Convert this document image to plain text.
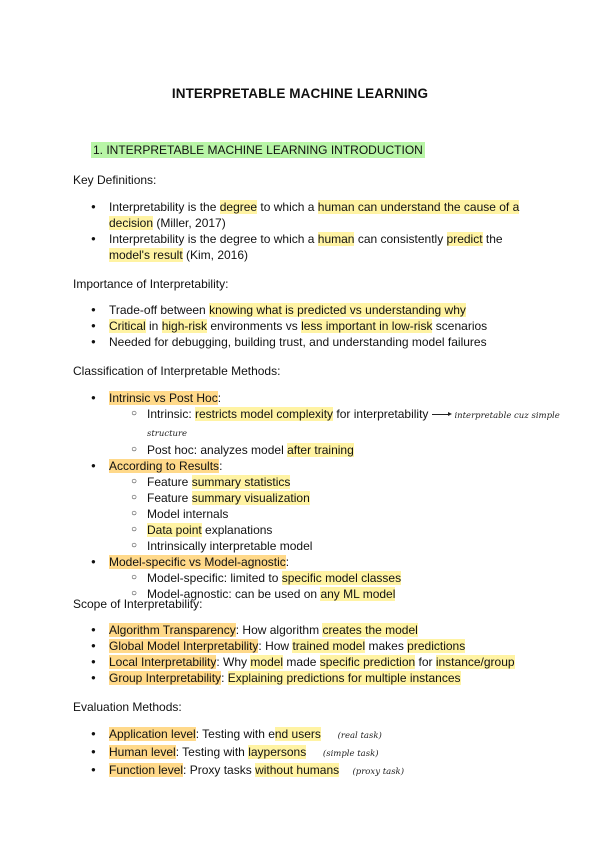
INTERPRETABLE MACHINE LEARNING
1. INTERPRETABLE MACHINE LEARNING INTRODUCTION
Key Definitions:
● Interpretability is the degree to which a human can understand the cause of a decision (Miller, 2017)
● Interpretability is the degree to which a human can consistently predict the model's result (Kim, 2016)
Importance of Interpretability:
● Trade-off between knowing what is predicted vs understanding why
● Critical in high-risk environments vs less important in low-risk scenarios
● Needed for debugging, building trust, and understanding model failures
Classification of Interpretable Methods:
● Intrinsic vs Post Hoc:
○ Intrinsic: restricts model complexity for interpretability	interpretable cuz simple structure
○ Post hoc: analyzes model after training
● According to Results:
○ Feature summary statistics
○ Feature summary visualization
○ Model internals
○ Data point explanations
○ Intrinsically interpretable model
● Model-specific vs Model-agnostic:
○ Model-specific: limited to specific model classes
○ Model-agnostic: can be used on any ML model
Scope of Interpretability:
● Algorithm Transparency: How algorithm creates the model
● Global Model Interpretability: How trained model makes predictions
● Local Interpretability: Why model made specific prediction for instance/group
● Group Interpretability: Explaining predictions for multiple instances
Evaluation Methods:
● Application level: Testing with end users (real task)
● Human level: Testing with laypersons (simple task)
● Function level: Proxy tasks without humans (proxy task)
